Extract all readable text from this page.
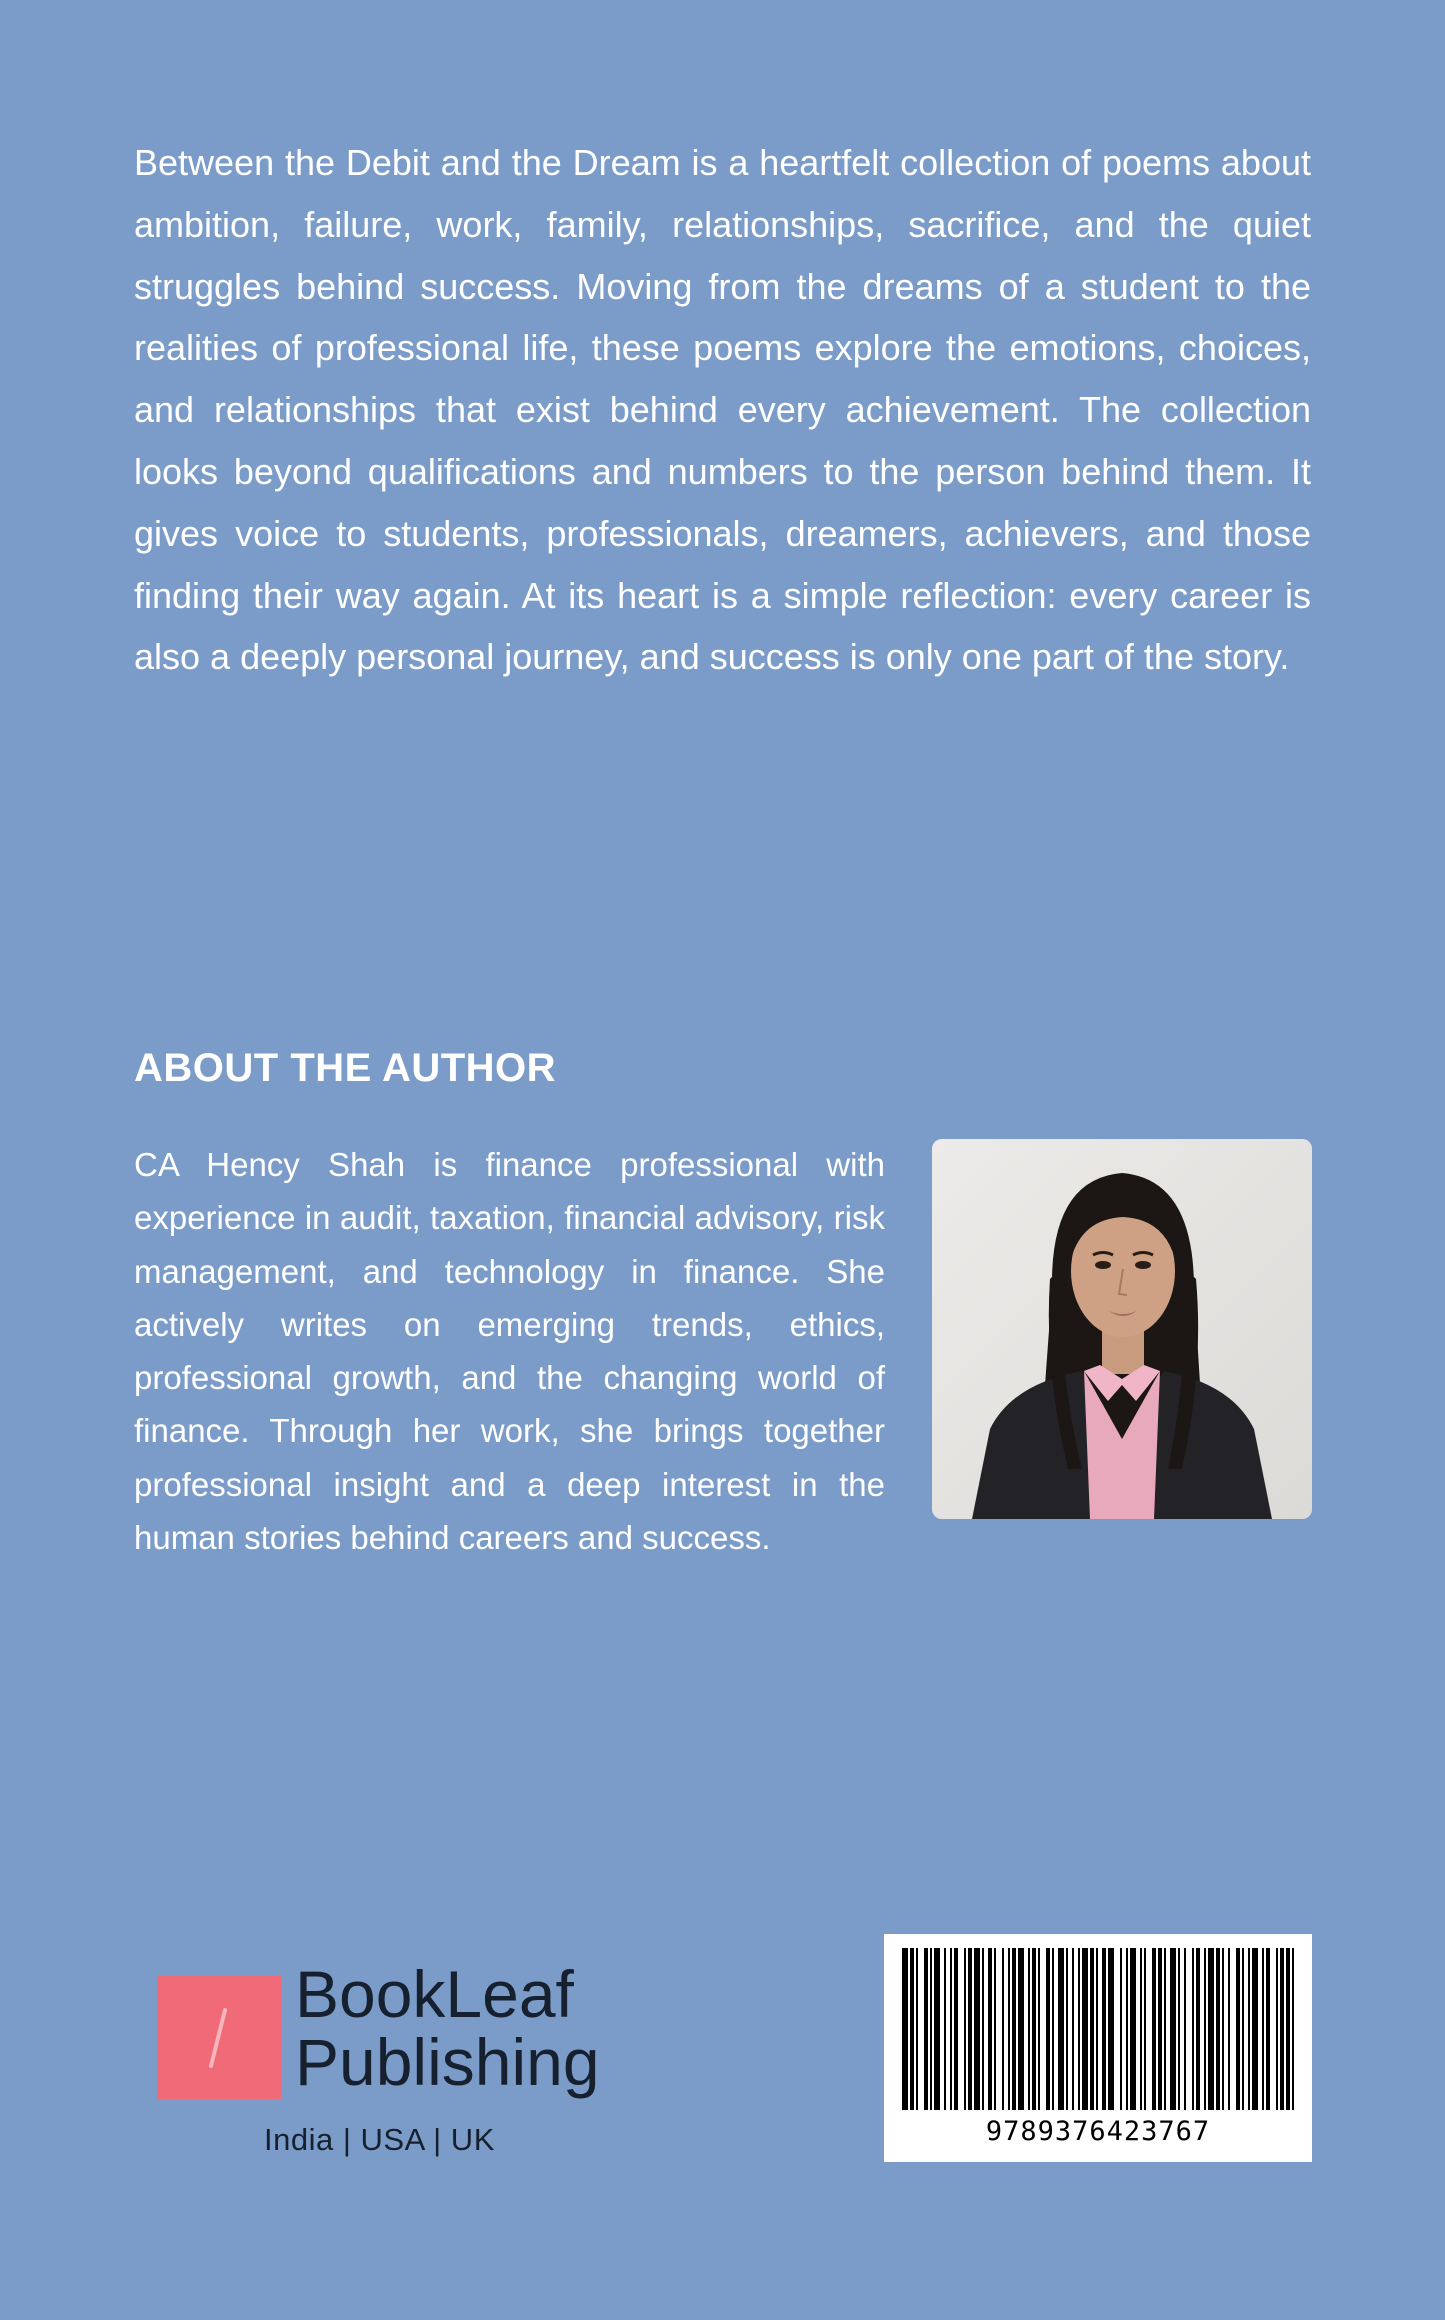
Between the Debit and the Dream is a heartfelt collection of poems about ambition, failure, work, family, relationships, sacrifice, and the quiet struggles behind success. Moving from the dreams of a student to the realities of professional life, these poems explore the emotions, choices, and relationships that exist behind every achievement. The collection looks beyond qualifications and numbers to the person behind them. It gives voice to students, professionals, dreamers, achievers, and those finding their way again. At its heart is a simple reflection: every career is also a deeply personal journey, and success is only one part of the story.

ABOUT THE AUTHOR

CA Hency Shah is finance professional with experience in audit, taxation, financial advisory, risk management, and technology in finance. She actively writes on emerging trends, ethics, professional growth, and the changing world of finance. Through her work, she brings together professional insight and a deep interest in the human stories behind careers and success.

BookLeaf
Publishing
India | USA | UK	9789376423767
